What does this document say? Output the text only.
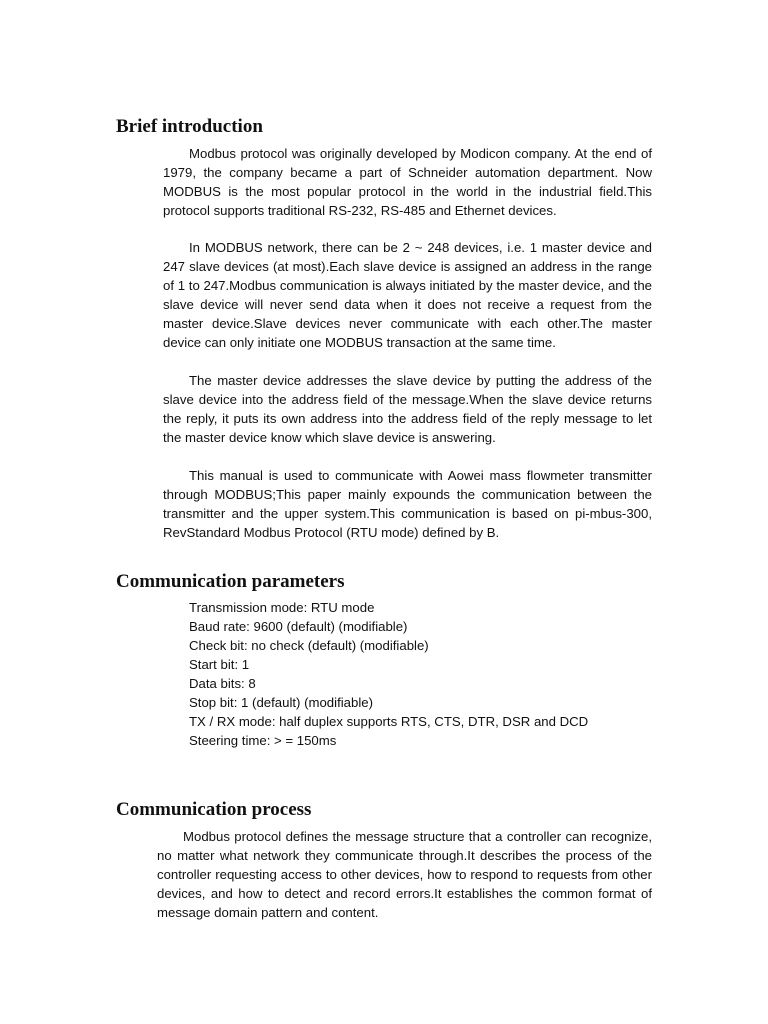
Brief introduction

Modbus protocol was originally developed by Modicon company. At the end of 1979, the company became a part of Schneider automation department. Now MODBUS is the most popular protocol in the world in the industrial field.This protocol supports traditional RS-232, RS-485 and Ethernet devices.

In MODBUS network, there can be 2 ~ 248 devices, i.e. 1 master device and 247 slave devices (at most).Each slave device is assigned an address in the range of 1 to 247.Modbus communication is always initiated by the master device, and the slave device will never send data when it does not receive a request from the master device.Slave devices never communicate with each other.The master device can only initiate one MODBUS transaction at the same time.

The master device addresses the slave device by putting the address of the slave device into the address field of the message.When the slave device returns the reply, it puts its own address into the address field of the reply message to let the master device know which slave device is answering.

This manual is used to communicate with Aowei mass flowmeter transmitter through MODBUS;This paper mainly expounds the communication between the transmitter and the upper system.This communication is based on pi-mbus-300, RevStandard Modbus Protocol (RTU mode) defined by B.

Communication parameters
Transmission mode: RTU mode
Baud rate: 9600 (default) (modifiable)
Check bit: no check (default) (modifiable)
Start bit: 1
Data bits: 8
Stop bit: 1 (default) (modifiable)
TX / RX mode: half duplex supports RTS, CTS, DTR, DSR and DCD
Steering time: > = 150ms
Communication process

Modbus protocol defines the message structure that a controller can recognize, no matter what network they communicate through.It describes the process of the controller requesting access to other devices, how to respond to requests from other devices, and how to detect and record errors.It establishes the common format of message domain pattern and content.
